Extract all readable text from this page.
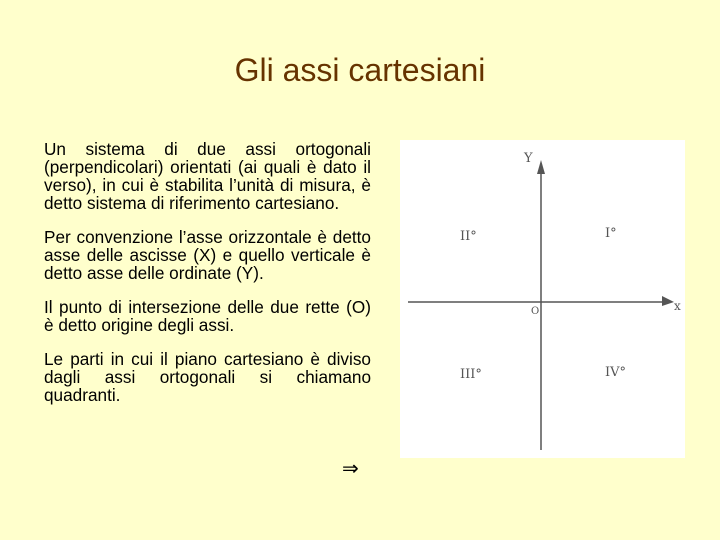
Gli assi cartesiani

Un sistema di due assi ortogonali (perpendicolari) orientati (ai quali è dato il verso), in cui è stabilita l’unità di misura, è detto sistema di riferimento cartesiano.

Per convenzione l’asse orizzontale è detto asse delle ascisse (X) e quello verticale è detto asse delle ordinate (Y).

Il punto di intersezione delle due rette (O) è detto origine degli assi.

Le parti in cui il piano cartesiano è diviso dagli assi ortogonali si chiamano quadranti.

⇒
Y
x
O
I°
II°
III°	IV°
